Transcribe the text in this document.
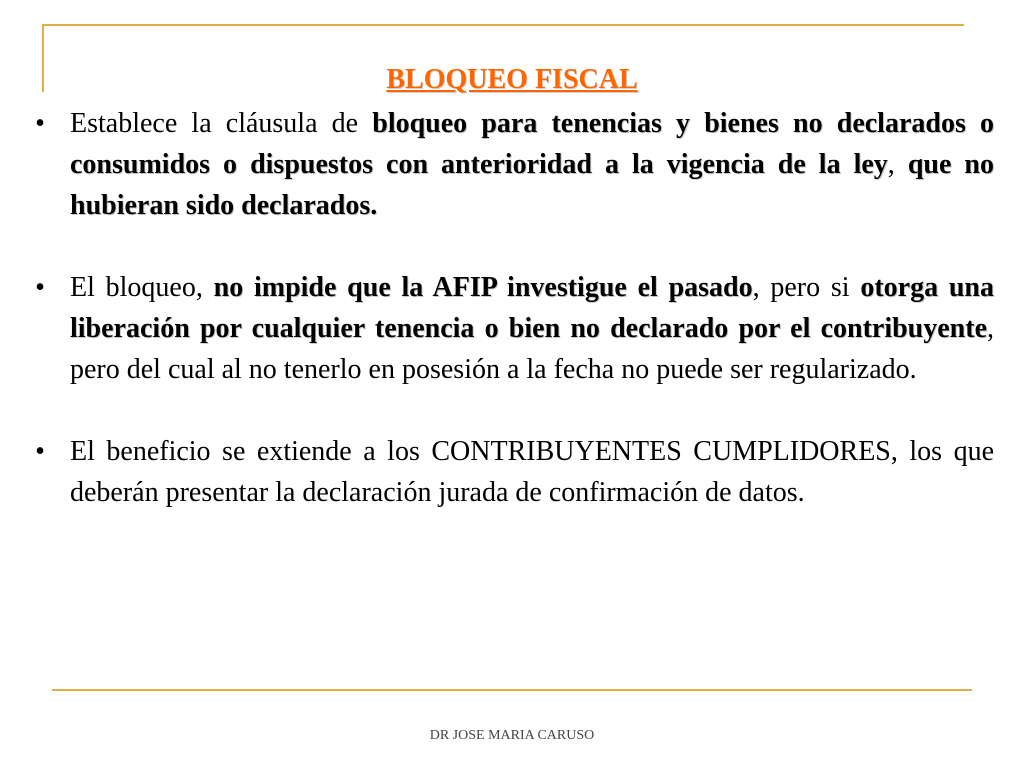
BLOQUEO FISCAL
• Establece la cláusula de bloqueo para tenencias y bienes no declarados o consumidos o dispuestos con anterioridad a la vigencia de la ley, que no hubieran sido declarados.
• El bloqueo, no impide que la AFIP investigue el pasado, pero si otorga una liberación por cualquier tenencia o bien no declarado por el contribuyente, pero del cual al no tenerlo en posesión a la fecha no puede ser regularizado.
• El beneficio se extiende a los CONTRIBUYENTES CUMPLIDORES, los que deberán presentar la declaración jurada de confirmación de datos.
DR JOSE MARIA CARUSO
